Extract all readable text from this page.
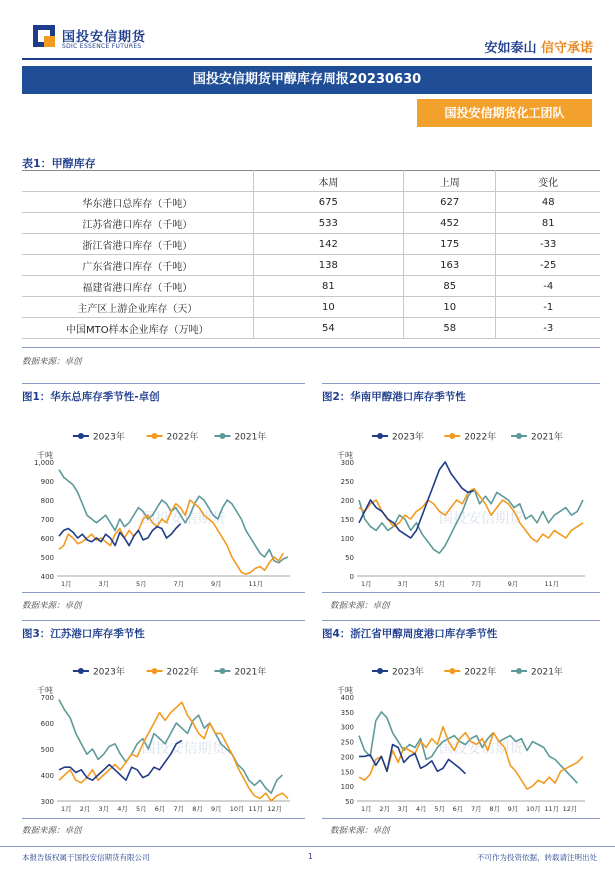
国投安信期货
SDIC ESSENCE FUTURES	安如泰山 信守承诺
国投安信期货甲醇库存周报20230630
国投安信期货化工团队
表1：甲醇库存
	本周	上周	变化
华东港口总库存（千吨）	675	627	48
江苏省港口库存（千吨）	533	452	81
浙江省港口库存（千吨）	142	175	-33
广东省港口库存（千吨）	138	163	-25
福建省港口库存（千吨）	81	85	-4
主产区上游企业库存（天）	10	10	-1
中国MTO样本企业库存（万吨）	54	58	-3
数据来源：卓创
图1：华东总库存季节性-卓创	图2：华南甲醇港口库存季节性
2023年	2022年	2021年
千吨
1,000
900
800
700
600
500
400
1月	3月	5月	7月	9月	11月
国投安信期货
2023年	2022年	2021年
千吨
300
250
200
150
100
50
0
1月	3月	5月	7月	9月	11月
国投安信期货
数据来源：卓创	数据来源：卓创
图3：江苏港口库存季节性	图4：浙江省甲醇周度港口库存季节性
2023年	2022年	2021年
千吨
700
600
500
400
300
1月 2月 3月 4月 5月 6月 7月 8月 9月 10月 11月 12月
国投安信期货
2023年	2022年	2021年
千吨
400
350
300
250
200
150
100
50
1月 2月 3月 4月 5月 6月 7月 8月 9月 10月 11月 12月
国投安信期货
数据来源：卓创	数据来源：卓创
本报告版权属于国投安信期货有限公司	1	不可作为投资依据，转载请注明出处
